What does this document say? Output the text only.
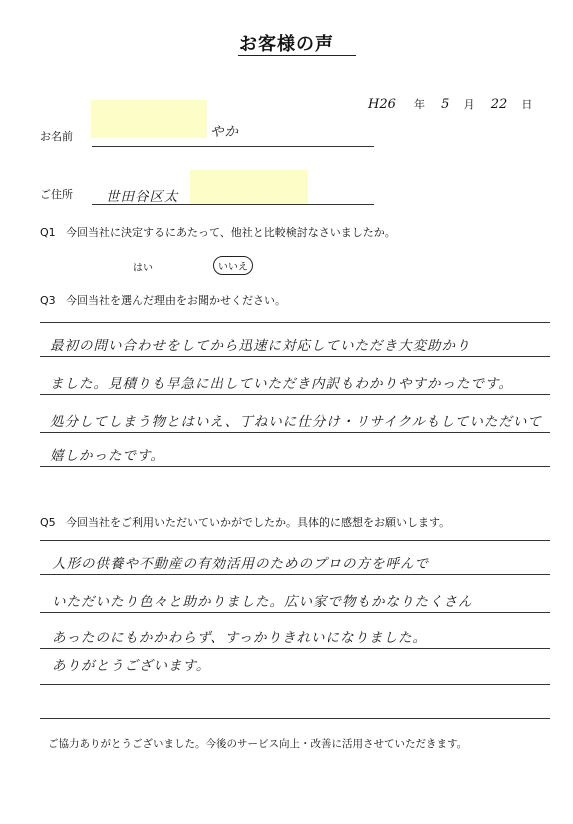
お客様の声
H26 年 5 月 22 日
お名前	やか
ご住所 世田谷区太
Q1 今回当社に決定するにあたって、他社と比較検討なさいましたか。
はい	いいえ
Q3 今回当社を選んだ理由をお聞かせください。
最初の問い合わせをしてから迅速に対応していただき大変助かり
ました。見積りも早急に出していただき内訳もわかりやすかったです。
処分してしまう物とはいえ、丁ねいに仕分け・リサイクルもしていただいて
嬉しかったです。
Q5 今回当社をご利用いただいていかがでしたか。具体的に感想をお願いします。
人形の供養や不動産の有効活用のためのプロの方を呼んで
いただいたり色々と助かりました。広い家で物もかなりたくさん
あったのにもかかわらず、すっかりきれいになりました。
ありがとうございます。
ご協力ありがとうございました。今後のサービス向上・改善に活用させていただきます。
